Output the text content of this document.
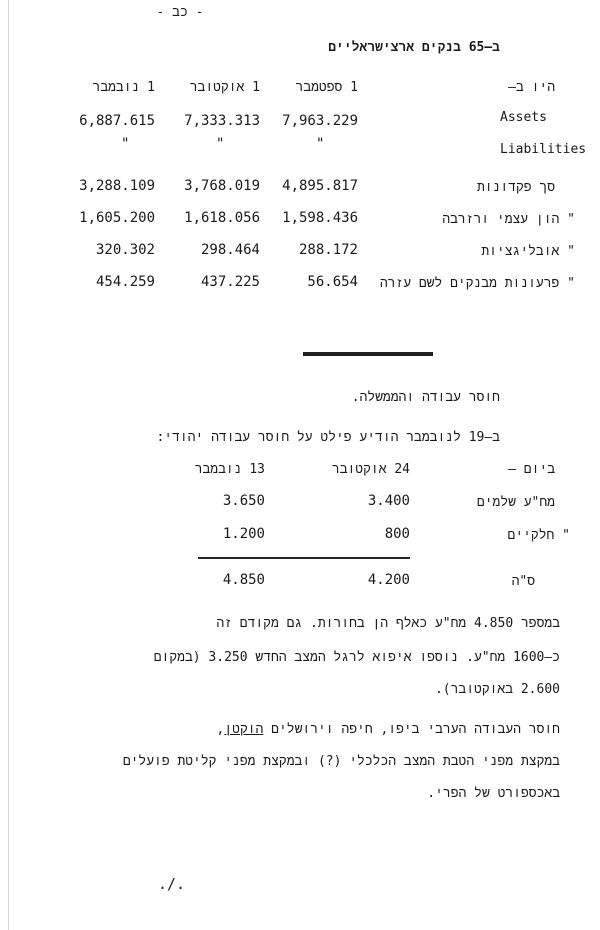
- כב -
ב–65 בנקים ארצישראליים
היו ב–
1 ספטמבר
1 אוקטובר
1 נובמבר
Assets
7,963.229
7,333.313
6,887.615
Liabilities
"
"
"
סך פקדונות
4,895.817
3,768.019
3,288.109
" הון עצמי ורזרבה
1,598.436
1,618.056
1,605.200
" אובליגציות
288.172
298.464
320.302
" פרעונות מבנקים לשם עזרה
56.654
437.225
454.259
חוסר עבודה והממשלה.
ב–19 לנובמבר הודיע פילט על חוסר עבודה יהודי:
ביום –
24 אוקטובר
13 נובמבר
מח"ע שלמים
3.400
3.650
" חלקיים
800
1.200
ס"ה
4.200
4.850
במספר 4.850 מח"ע כאלף הן בחורות. גם מקודם זה
כ–1600 מח"ע. נוספו איפוא לרגל המצב החדש 3.250 (במקום
2.600 באוקטובר).
חוסר העבודה הערבי ביפו, חיפה וירושלים הוקטן,
במקצת מפני הטבת המצב הכלכלי (?) ובמקצת מפני קליטת פועלים
באכספורט של הפרי.
./.
